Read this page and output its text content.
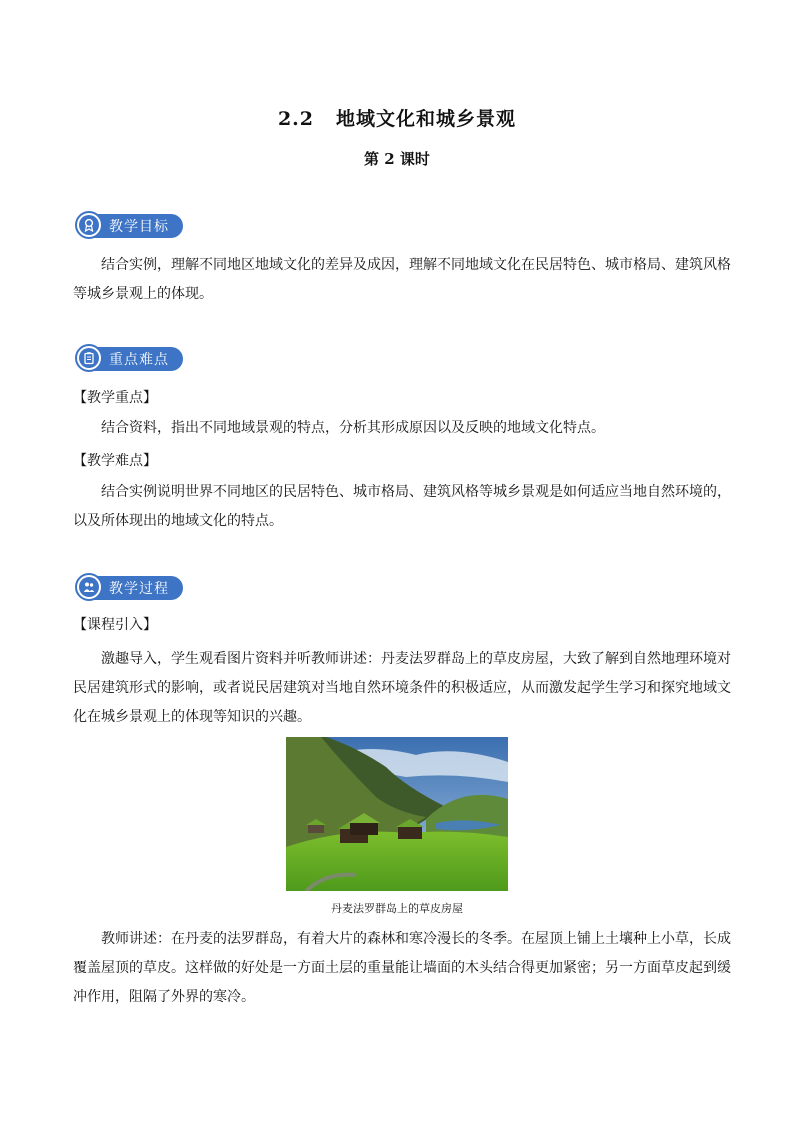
2.2 地域文化和城乡景观
第 2 课时
教学目标
结合实例，理解不同地区地域文化的差异及成因，理解不同地域文化在民居特色、城市格局、建筑风格等城乡景观上的体现。
重点难点
【教学重点】
结合资料，指出不同地域景观的特点，分析其形成原因以及反映的地域文化特点。
【教学难点】
结合实例说明世界不同地区的民居特色、城市格局、建筑风格等城乡景观是如何适应当地自然环境的，以及所体现出的地域文化的特点。
教学过程
【课程引入】
激趣导入，学生观看图片资料并听教师讲述：丹麦法罗群岛上的草皮房屋，大致了解到自然地理环境对民居建筑形式的影响，或者说民居建筑对当地自然环境条件的积极适应，从而激发起学生学习和探究地域文化在城乡景观上的体现等知识的兴趣。
丹麦法罗群岛上的草皮房屋
教师讲述：在丹麦的法罗群岛，有着大片的森林和寒冷漫长的冬季。在屋顶上铺上土壤种上小草，长成覆盖屋顶的草皮。这样做的好处是一方面土层的重量能让墙面的木头结合得更加紧密；另一方面草皮起到缓冲作用，阻隔了外界的寒冷。
